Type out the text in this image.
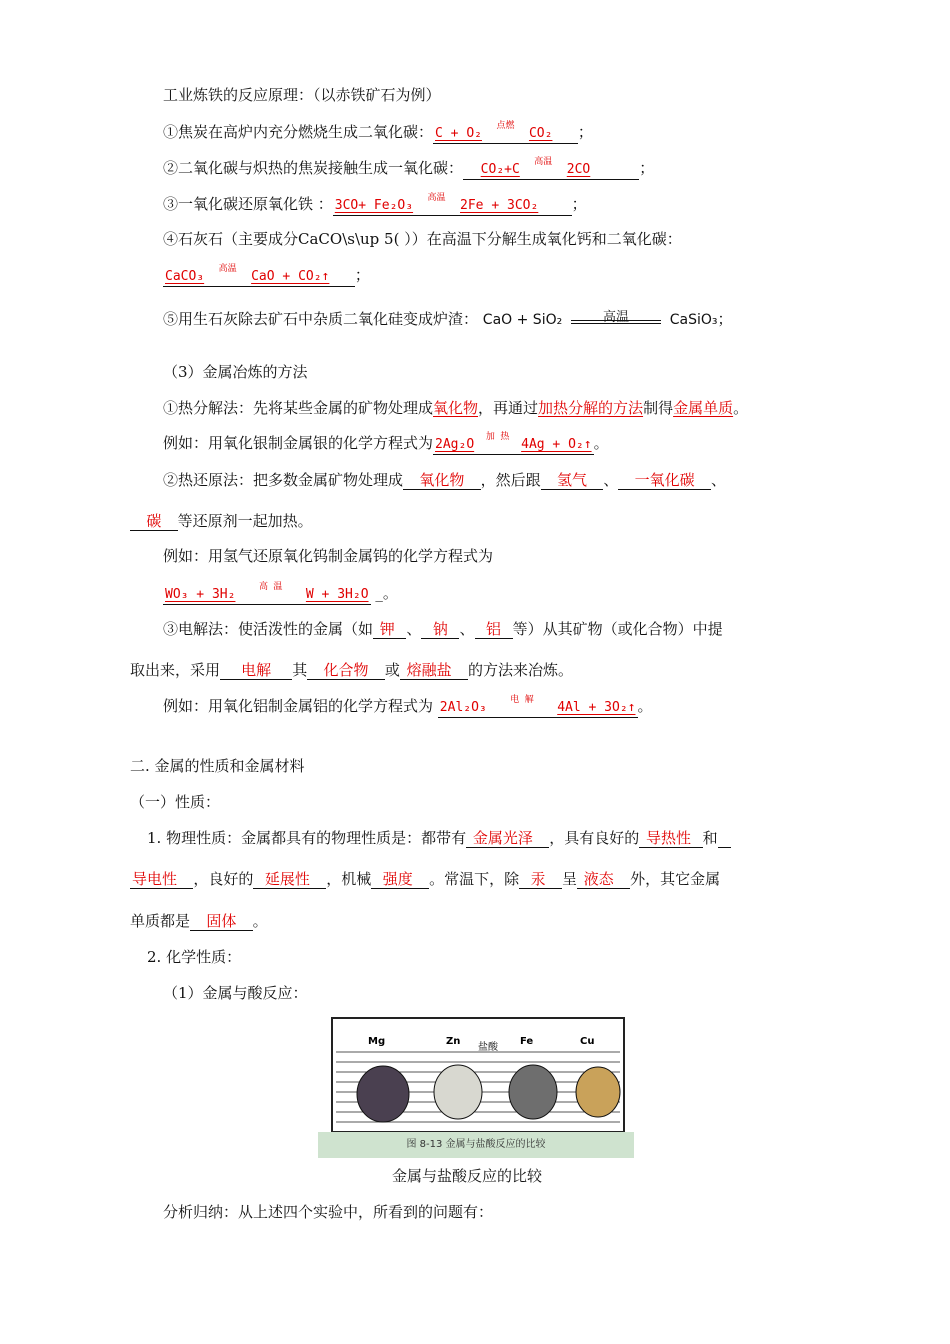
工业炼铁的反应原理：（以赤铁矿石为例）
①焦炭在高炉内充分燃烧生成二氧化碳： C + O₂	点燃	CO₂ ；
②二氧化碳与炽热的焦炭接触生成一氧化碳： CO₂+C	高温	2CO	；
③一氧化碳还原氧化铁 ： 3CO+ Fe₂O₃	高温	2Fe + 3CO₂ ；
④石灰石（主要成分CaCO\s\up 5( ））在高温下分解生成氧化钙和二氧化碳：
CaCO₃	高温	CaO + CO₂↑ ；
⑤用生石灰除去矿石中杂质二氧化硅变成炉渣： CaO + SiO₂	高温	CaSiO₃；
（3）金属冶炼的方法
①热分解法：先将某些金属的矿物处理成氧化物，再通过加热分解的方法制得金属单质。
例如：用氧化银制金属银的化学方程式为 2Ag₂O	加 热 4Ag + O₂↑ 。
②热还原法：把多数金属矿物处理成 氧化物 ，然后跟 氢气 、 一氧化碳 、
碳 等还原剂一起加热。
例如：用氢气还原氧化钨制金属钨的化学方程式为
WO₃ + 3H₂	高 温	W + 3H₂O _。
③电解法：使活泼性的金属（如 钾 、 钠 、 铝 等）从其矿物（或化合物）中提
取出来，采用 电解 其 化合物 或 熔融盐 的方法来冶炼。
例如：用氧化铝制金属铝的化学方程式为 2Al₂O₃	电 解	4Al + 3O₂↑ 。
二. 金属的性质和金属材料
（一）性质：
1. 物理性质：金属都具有的物理性质是：都带有 金属光泽 ，具有良好的 导热性 和
导电性 ，良好的 延展性 ，机械 强度 。常温下，除 汞 呈 液态 外，其它金属
单质都是 固体 。
2. 化学性质：
（1）金属与酸反应：
Mg	Zn
盐酸
Fe	Cu
图 8-13 金属与盐酸反应的比较
金属与盐酸反应的比较
分析归纳：从上述四个实验中，所看到的问题有：
